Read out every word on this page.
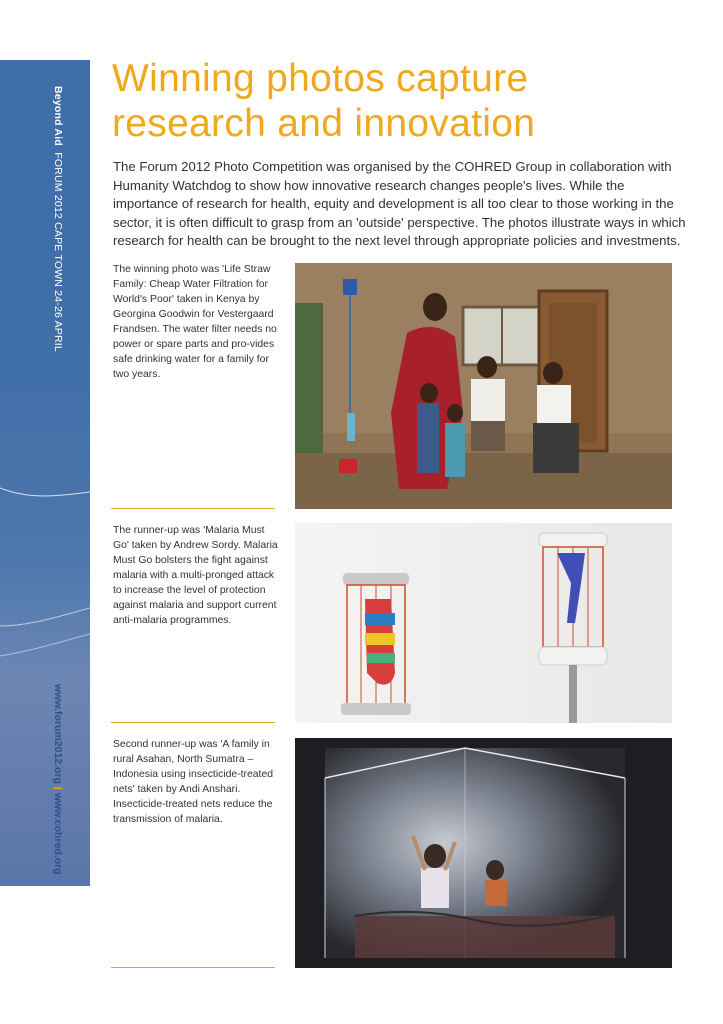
Beyond Aid  FORUM 2012 CAPE TOWN 24-26 APRIL
www.forum2012.org | www.cohred.org
Winning photos capture research and innovation
The Forum 2012 Photo Competition was organised by the COHRED Group in collaboration with Humanity Watchdog to show how innovative research changes people's lives. While the importance of research for health, equity and development is all too clear to those working in the sector, it is often difficult to grasp from an 'outside' perspective. The photos illustrate ways in which research for health can be brought to the next level through appropriate policies and investments.
The winning photo was 'Life Straw Family: Cheap Water Filtration for World's Poor' taken in Kenya by Georgina Goodwin for Vestergaard Frandsen. The water filter needs no power or spare parts and pro-vides safe drinking water for a family for two years.
The runner-up was 'Malaria Must Go' taken by Andrew Sordy. Malaria Must Go bolsters the fight against malaria with a multi-pronged attack to increase the level of protection against malaria and support current anti-malaria programmes.
Second runner-up was 'A family in rural Asahan, North Sumatra – Indonesia using insecticide-treated nets' taken by Andi Anshari. Insecticide-treated nets reduce the transmission of malaria.
